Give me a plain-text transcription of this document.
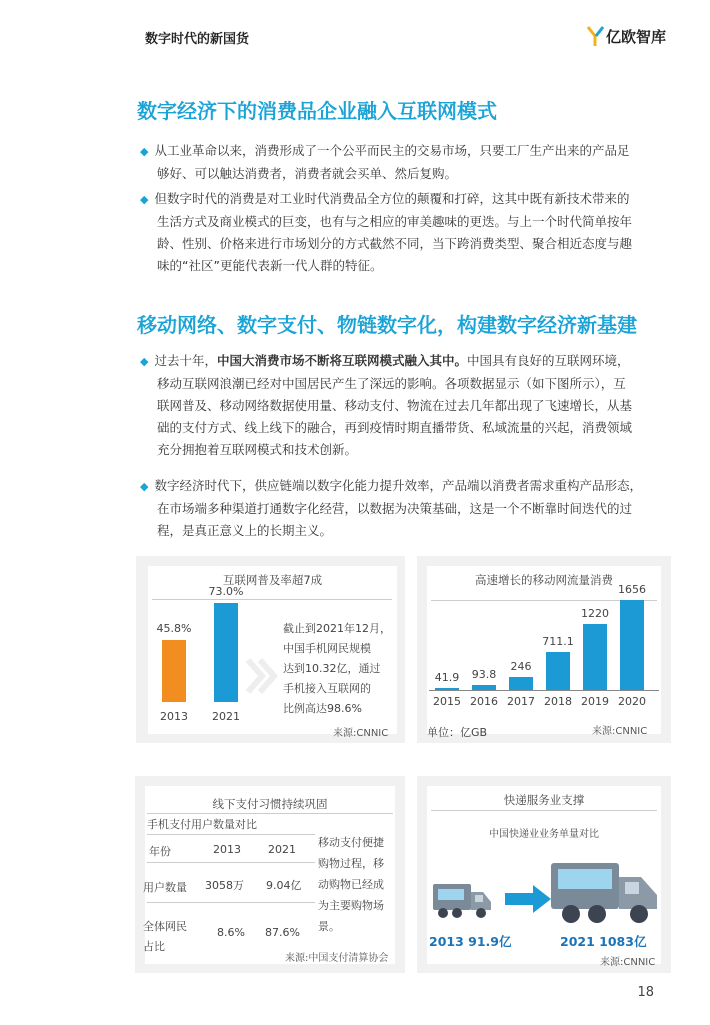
数字时代的新国货	亿欧智库
数字经济下的消费品企业融入互联网模式
◆ 从工业革命以来，消费形成了一个公平而民主的交易市场，只要工厂生产出来的产品足
够好、可以触达消费者，消费者就会买单、然后复购。
◆ 但数字时代的消费是对工业时代消费品全方位的颠覆和打碎，这其中既有新技术带来的
生活方式及商业模式的巨变，也有与之相应的审美趣味的更迭。与上一个时代简单按年
龄、性别、价格来进行市场划分的方式截然不同，当下跨消费类型、聚合相近态度与趣
味的“社区”更能代表新一代人群的特征。
移动网络、数字支付、物链数字化，构建数字经济新基建
◆ 过去十年，中国大消费市场不断将互联网模式融入其中。中国具有良好的互联网环境，
移动互联网浪潮已经对中国居民产生了深远的影响。各项数据显示（如下图所示），互
联网普及、移动网络数据使用量、移动支付、物流在过去几年都出现了飞速增长，从基
础的支付方式、线上线下的融合，再到疫情时期直播带货、私域流量的兴起，消费领域
充分拥抱着互联网模式和技术创新。
◆ 数字经济时代下，供应链端以数字化能力提升效率，产品端以消费者需求重构产品形态，
在市场端多种渠道打通数字化经营，以数据为决策基础，这是一个不断靠时间迭代的过
程，是真正意义上的长期主义。
互联网普及率超7成
45.8%
2013
73.0%
2021
截止到2021年12月，
中国手机网民规模
达到10.32亿，通过
手机接入互联网的
比例高达98.6%
来源:CNNIC
高速增长的移动网流量消费
41.9
2015
93.8
2016
246
2017
711.1
2018
1220
2019
1656
2020
单位：亿GB	来源:CNNIC
线下支付习惯持续巩固
手机支付用户数量对比
年份	2013 2021
用户数量 3058万 9.04亿
全体网民
占比
8.6% 87.6%
移动支付便捷
购物过程，移
动购物已经成
为主要购物场
景。
来源:中国支付清算协会
快递服务业支撑
中国快递业业务单量对比
2013 91.9亿	2021 1083亿
来源:CNNIC
18
